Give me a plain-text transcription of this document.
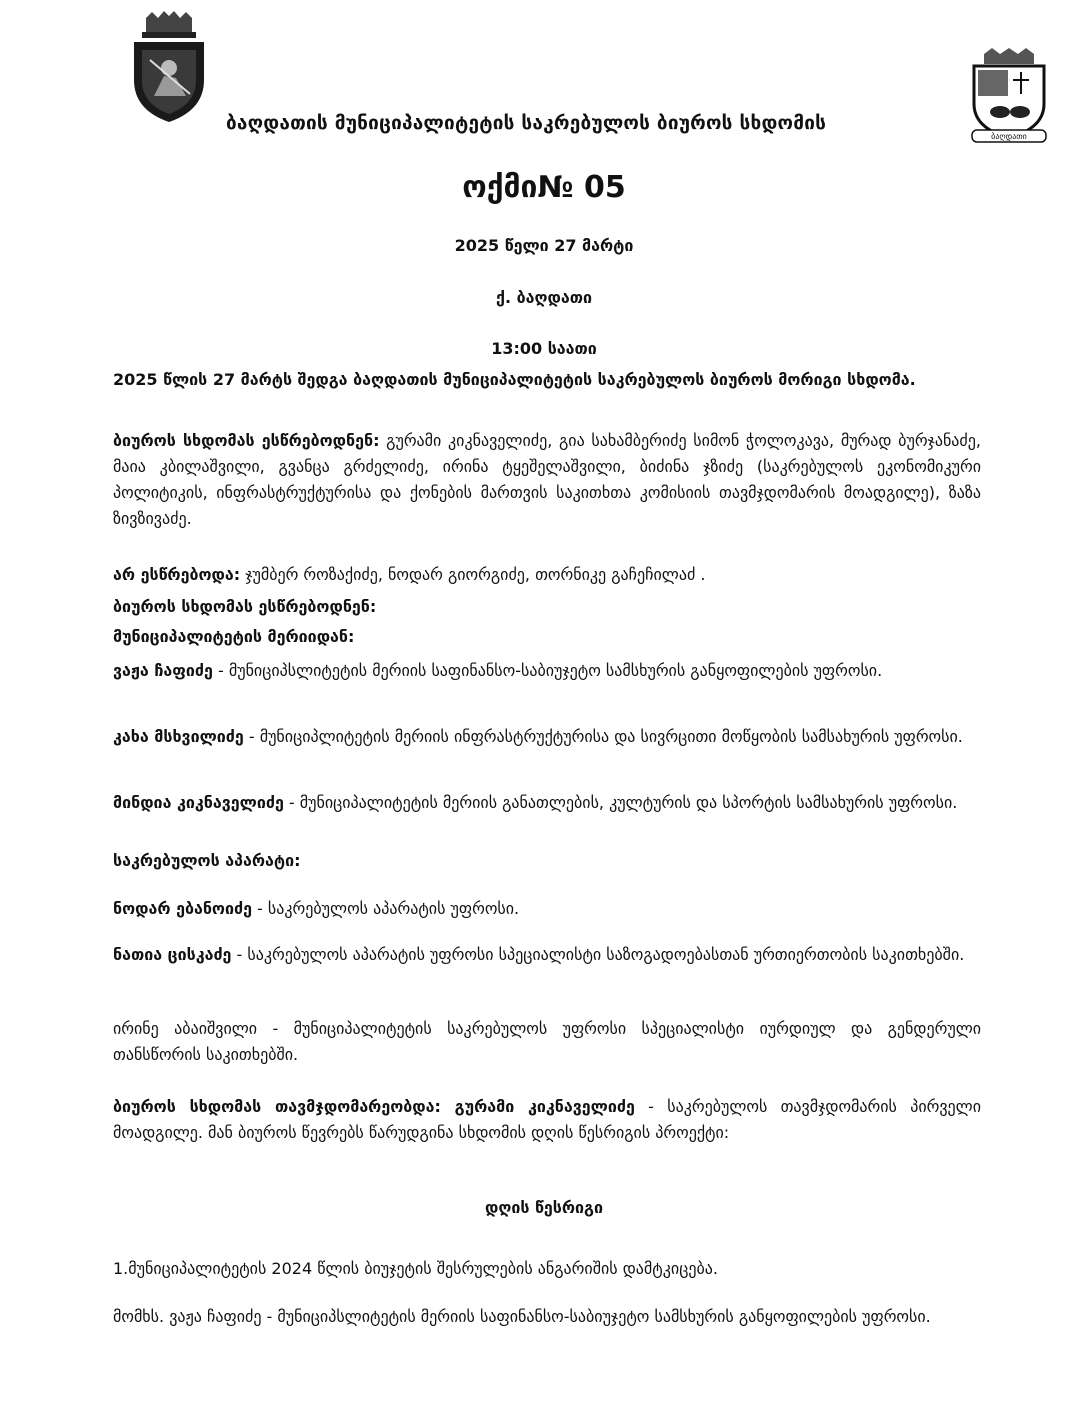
ბაღდათი
ბაღდათის მუნიციპალიტეტის საკრებულოს ბიუროს სხდომის
ოქმი№ 05
2025 წელი 27 მარტი
ქ. ბაღდათი
13:00 საათი

2025 წლის 27 მარტს შედგა ბაღდათის მუნიციპალიტეტის საკრებულოს ბიუროს მორიგი სხდომა.

ბიუროს სხდომას ესწრებოდნენ: გურამი კიკნაველიძე, გია სახამბერიძე სიმონ ჭოლოკავა, მურად ბურჯანაძე, მაია კბილაშვილი, გვანცა გრძელიძე, ირინა ტყეშელაშვილი, ბიძინა ჯზიძე (საკრებულოს ეკონომიკური პოლიტიკის, ინფრასტრუქტურისა და ქონების მართვის საკითხთა კომისიის თავმჯდომარის მოადგილე), ზაზა ზივზივაძე.

არ ესწრებოდა: ჯუმბერ როზაქიძე, ნოდარ გიორგიძე, თორნიკე გაჩეჩილაძ .

ბიუროს სხდომას ესწრებოდნენ:

მუნიციპალიტეტის მერიიდან:

ვაჟა ჩაფიძე - მუნიციპსლიტეტის მერიის საფინანსო-საბიუჯეტო სამსხურის განყოფილების უფროსი.

კახა მსხვილიძე - მუნიციპლიტეტის მერიის ინფრასტრუქტურისა და სივრცითი მოწყობის სამსახურის უფროსი.

მინდია კიკნაველიძე - მუნიციპალიტეტის მერიის განათლების, კულტურის და სპორტის სამსახურის უფროსი.

საკრებულოს აპარატი:

ნოდარ ებანოიძე - საკრებულოს აპარატის უფროსი.

ნათია ცისკაძე - საკრებულოს აპარატის უფროსი სპეციალისტი საზოგადოებასთან ურთიერთობის საკითხებში.

ირინე აბაიშვილი - მუნიციპალიტეტის საკრებულოს უფროსი სპეციალისტი იურდიულ და გენდერული თანსწორის საკითხებში.

ბიუროს სხდომას თავმჯდომარეობდა: გურამი კიკნაველიძე - საკრებულოს თავმჯდომარის პირველი მოადგილე. მან ბიუროს წევრებს წარუდგინა სხდომის დღის წესრიგის პროექტი:

დღის წესრიგი

1.მუნიციპალიტეტის 2024 წლის ბიუჯეტის შესრულების ანგარიშის დამტკიცება.

მომხს. ვაჟა ჩაფიძე - მუნიციპსლიტეტის მერიის საფინანსო-საბიუჯეტო სამსხურის განყოფილების უფროსი.
